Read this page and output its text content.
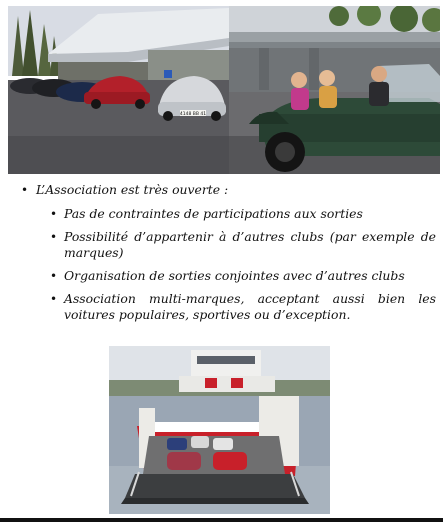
4148 BB 41
• L’Association est très ouverte :
• Pas de contraintes de participations aux sorties
• Possibilité d’appartenir à d’autres clubs (par exemple de marques)
• Organisation de sorties conjointes avec d’autres clubs
• Association multi-marques, acceptant aussi bien les voitures populaires, sportives ou d’exception.
